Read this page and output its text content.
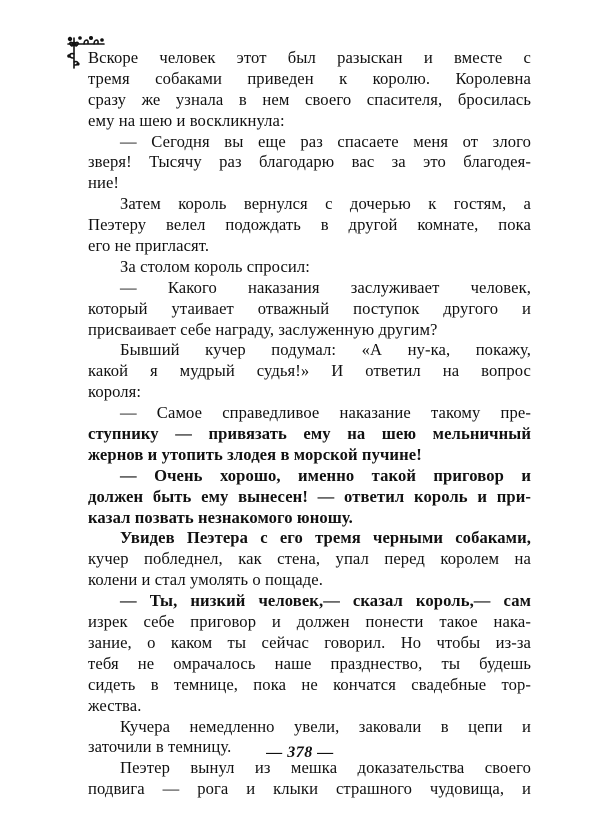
Вскоре человек этот был разыскан и вместе с
тремя собаками приведен к королю. Королевна
сразу же узнала в нем своего спасителя, бросилась
ему на шею и воскликнула:
— Сегодня вы еще раз спасаете меня от злого
зверя! Тысячу раз благодарю вас за это благодея-
ние!
Затем король вернулся с дочерью к гостям, а
Пеэтеру велел подождать в другой комнате, пока
его не пригласят.
За столом король спросил:
— Какого наказания заслуживает человек,
который утаивает отважный поступок другого и
присваивает себе награду, заслуженную другим?
Бывший кучер подумал: «А ну-ка, покажу,
какой я мудрый судья!» И ответил на вопрос
короля:
— Самое справедливое наказание такому пре-
ступнику — привязать ему на шею мельничный
жернов и утопить злодея в морской пучине!
— Очень хорошо, именно такой приговор и
должен быть ему вынесен! — ответил король и при-
казал позвать незнакомого юношу.
Увидев Пеэтера с его тремя черными собаками,
кучер побледнел, как стена, упал перед королем на
колени и стал умолять о пощаде.
— Ты, низкий человек,— сказал король,— сам
изрек себе приговор и должен понести такое нака-
зание, о каком ты сейчас говорил. Но чтобы из-за
тебя не омрачалось наше празднество, ты будешь
сидеть в темнице, пока не кончатся свадебные тор-
жества.
Кучера немедленно увели, заковали в цепи и
заточили в темницу.
Пеэтер вынул из мешка доказательства своего
подвига — рога и клыки страшного чудовища, и
— 378 —
